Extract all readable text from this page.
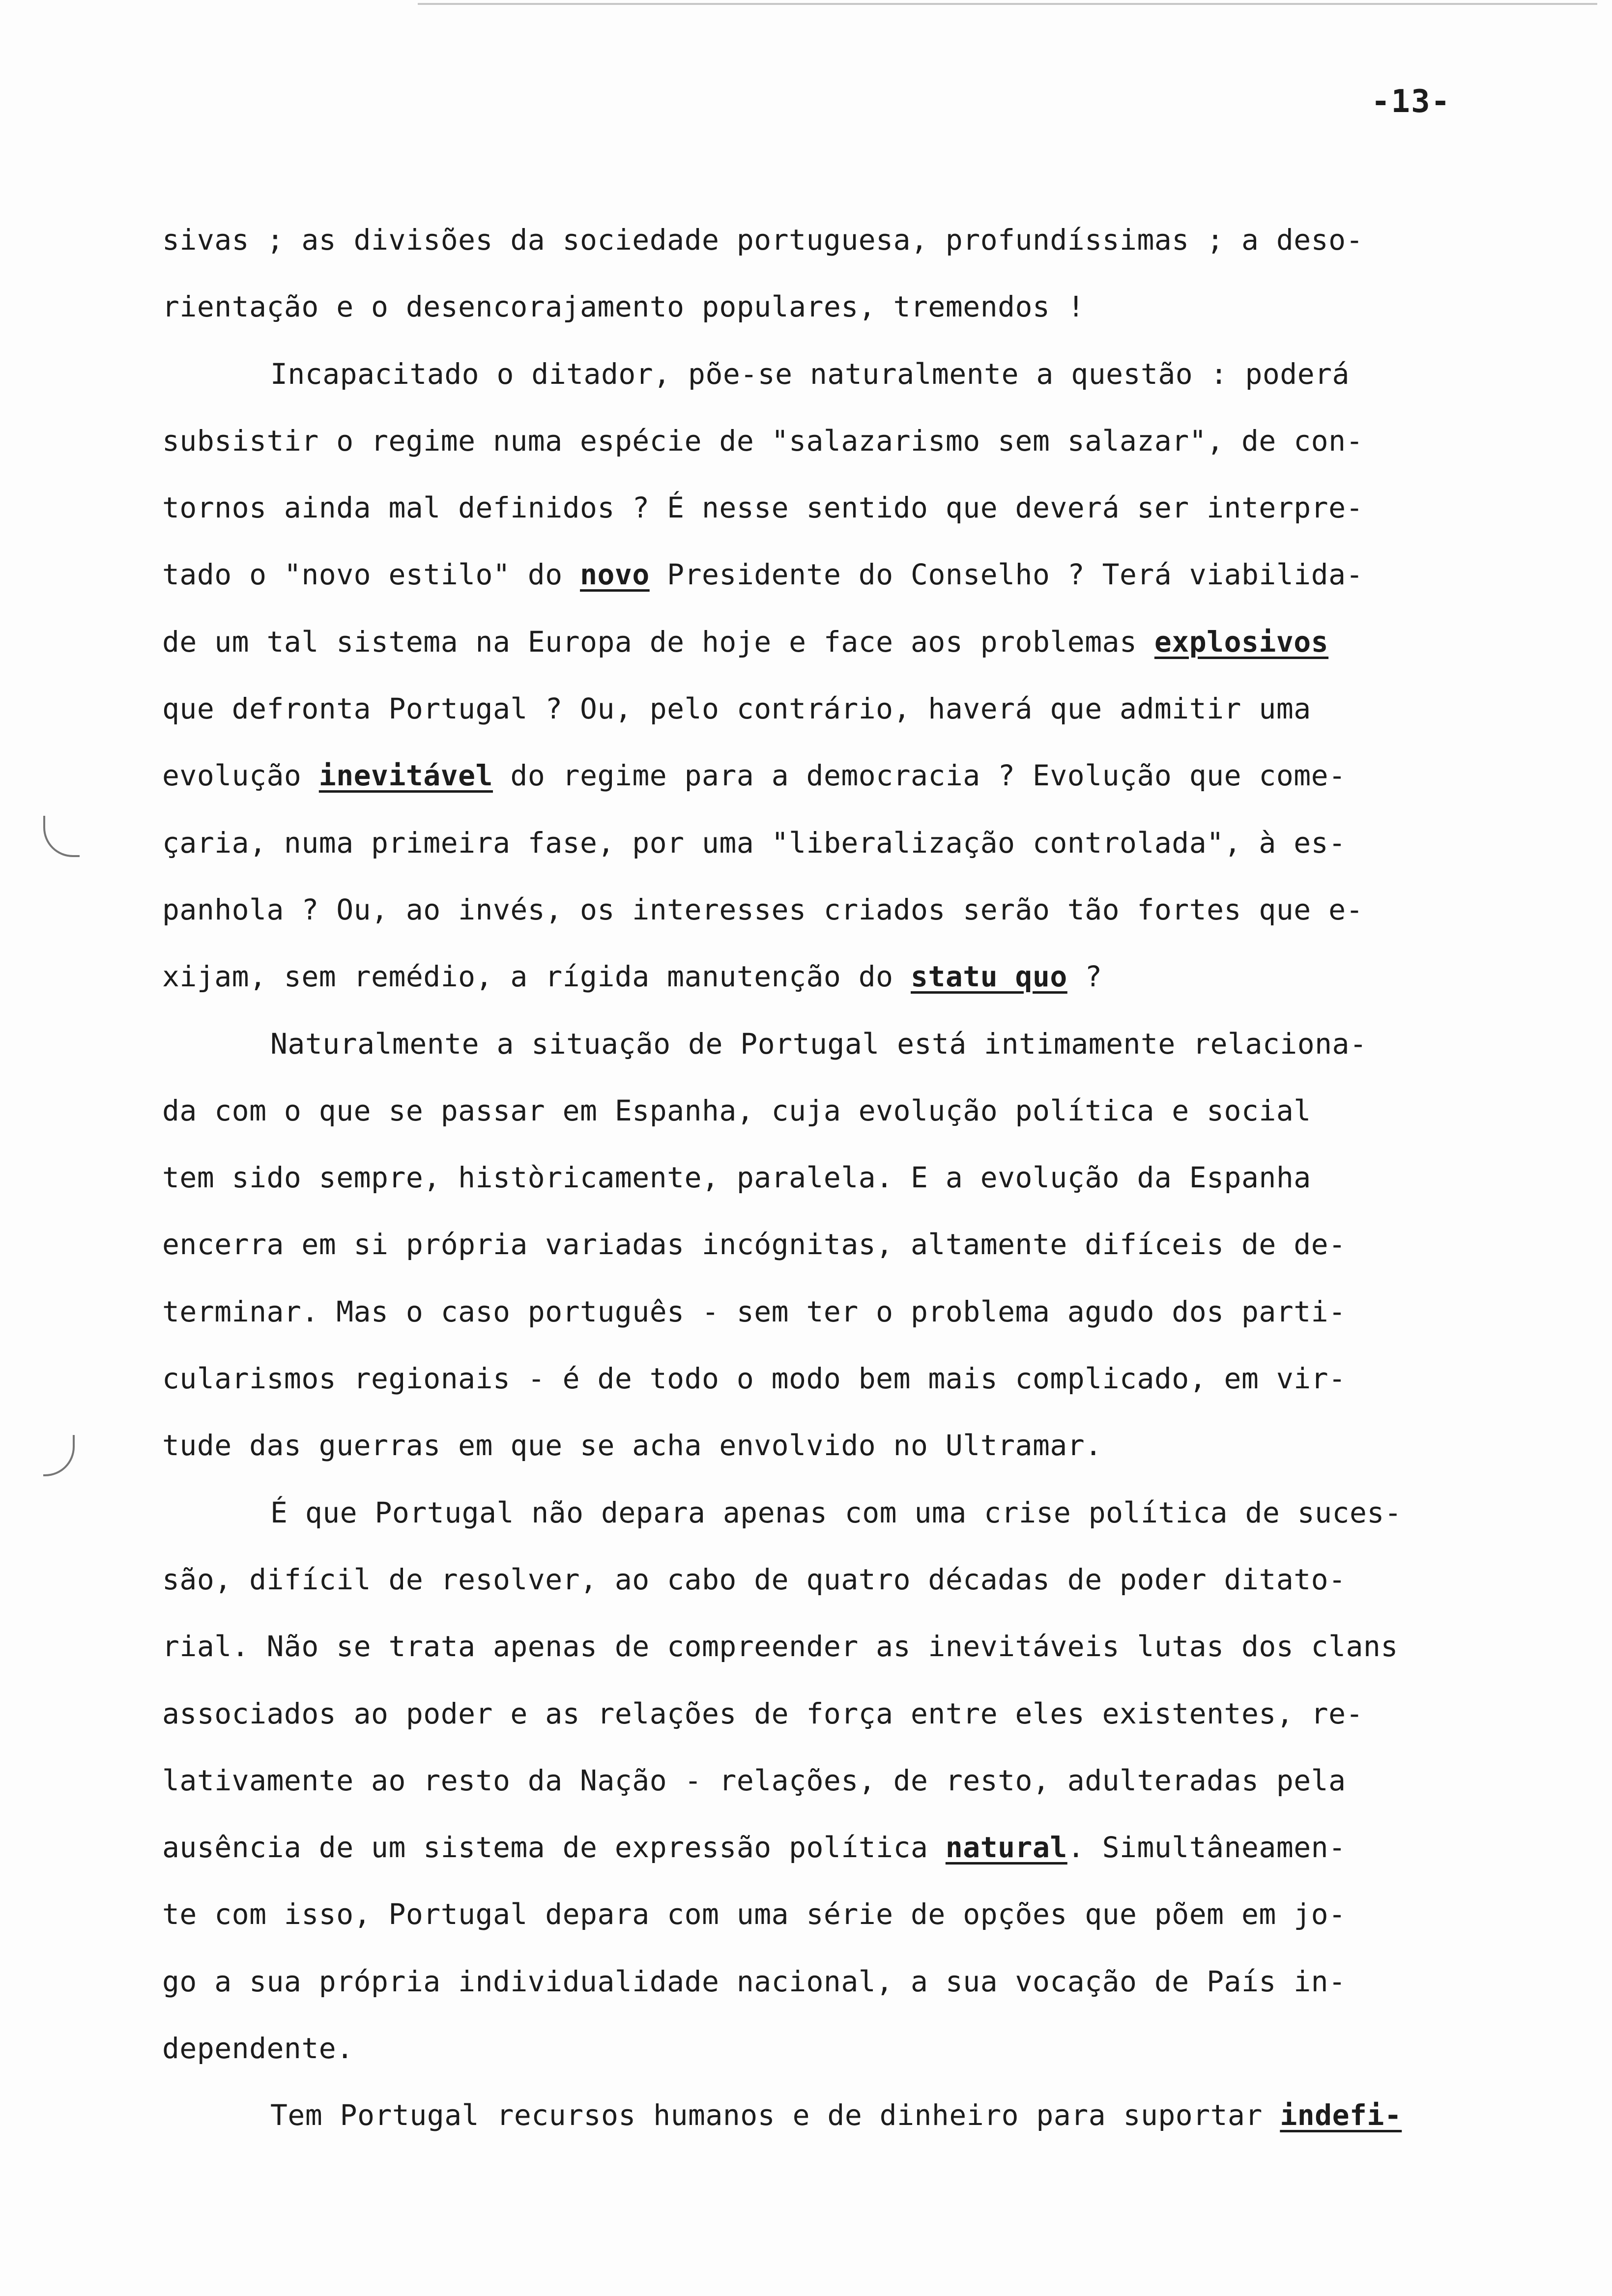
-13-
sivas ; as divisões da sociedade portuguesa, profundíssimas ; a deso-
rientação e o desencorajamento populares, tremendos !
Incapacitado o ditador, põe-se naturalmente a questão : poderá
subsistir o regime numa espécie de "salazarismo sem salazar", de con-
tornos ainda mal definidos ? É nesse sentido que deverá ser interpre-
tado o "novo estilo" do novo Presidente do Conselho ? Terá viabilida-
de um tal sistema na Europa de hoje e face aos problemas explosivos
que defronta Portugal ? Ou, pelo contrário, haverá que admitir uma
evolução inevitável do regime para a democracia ? Evolução que come-
çaria, numa primeira fase, por uma "liberalização controlada", à es-
panhola ? Ou, ao invés, os interesses criados serão tão fortes que e-
xijam, sem remédio, a rígida manutenção do statu quo ?
Naturalmente a situação de Portugal está intimamente relaciona-
da com o que se passar em Espanha, cuja evolução política e social
tem sido sempre, històricamente, paralela. E a evolução da Espanha
encerra em si própria variadas incógnitas, altamente difíceis de de-
terminar. Mas o caso português - sem ter o problema agudo dos parti-
cularismos regionais - é de todo o modo bem mais complicado, em vir-
tude das guerras em que se acha envolvido no Ultramar.
É que Portugal não depara apenas com uma crise política de suces-
são, difícil de resolver, ao cabo de quatro décadas de poder ditato-
rial. Não se trata apenas de compreender as inevitáveis lutas dos clans
associados ao poder e as relações de força entre eles existentes, re-
lativamente ao resto da Nação - relações, de resto, adulteradas pela
ausência de um sistema de expressão política natural. Simultâneamen-
te com isso, Portugal depara com uma série de opções que põem em jo-
go a sua própria individualidade nacional, a sua vocação de País in-
dependente.
Tem Portugal recursos humanos e de dinheiro para suportar indefi-
